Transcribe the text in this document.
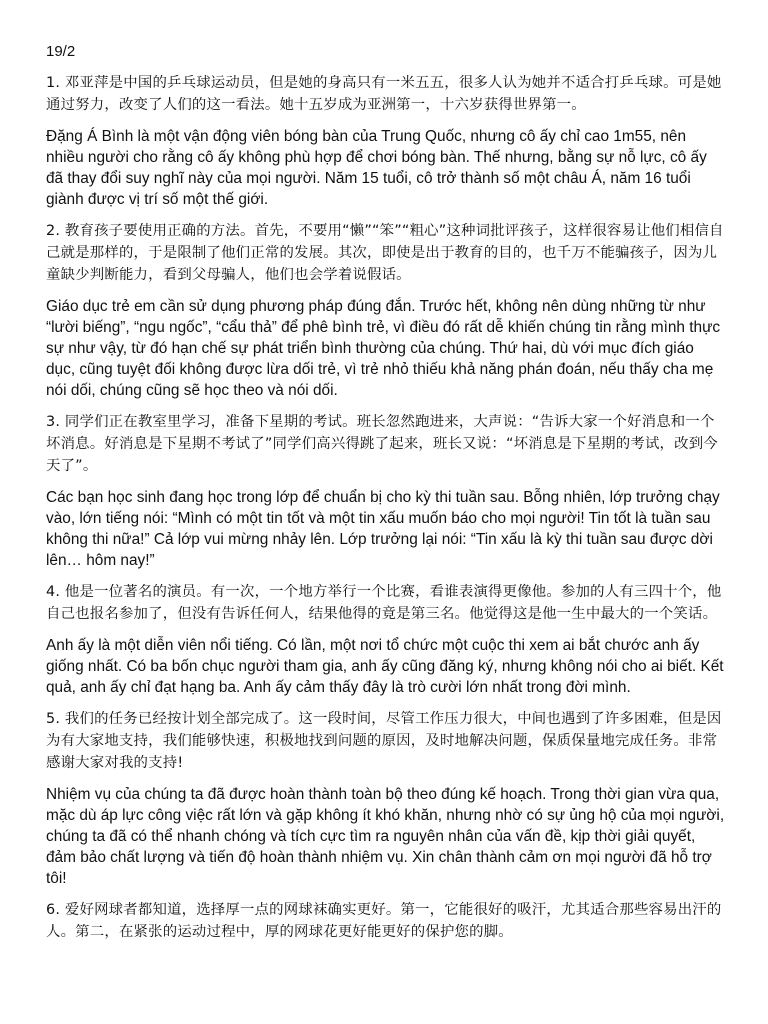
19/2

1. 邓亚萍是中国的乒乓球运动员，但是她的身高只有一米五五，很多人认为她并不适合打乒乓球。可是她通过努力，改变了人们的这一看法。她十五岁成为亚洲第一，十六岁获得世界第一。

Đặng Á Bình là một vận động viên bóng bàn của Trung Quốc, nhưng cô ấy chỉ cao 1m55, nên nhiều người cho rằng cô ấy không phù hợp để chơi bóng bàn. Thế nhưng, bằng sự nỗ lực, cô ấy đã thay đổi suy nghĩ này của mọi người. Năm 15 tuổi, cô trở thành số một châu Á, năm 16 tuổi giành được vị trí số một thế giới.

2. 教育孩子要使用正确的方法。首先，不要用“懒”“笨”“粗心”这种词批评孩子，这样很容易让他们相信自己就是那样的，于是限制了他们正常的发展。其次，即使是出于教育的目的，也千万不能骗孩子，因为儿童缺少判断能力，看到父母骗人，他们也会学着说假话。

Giáo dục trẻ em cần sử dụng phương pháp đúng đắn. Trước hết, không nên dùng những từ như “lười biếng”, “ngu ngốc”, “cẩu thả” để phê bình trẻ, vì điều đó rất dễ khiến chúng tin rằng mình thực sự như vậy, từ đó hạn chế sự phát triển bình thường của chúng. Thứ hai, dù với mục đích giáo dục, cũng tuyệt đối không được lừa dối trẻ, vì trẻ nhỏ thiếu khả năng phán đoán, nếu thấy cha mẹ nói dối, chúng cũng sẽ học theo và nói dối.

3. 同学们正在教室里学习，准备下星期的考试。班长忽然跑进来，大声说：“告诉大家一个好消息和一个坏消息。好消息是下星期不考试了”同学们高兴得跳了起来，班长又说：“坏消息是下星期的考试，改到今天了”。

Các bạn học sinh đang học trong lớp để chuẩn bị cho kỳ thi tuần sau. Bỗng nhiên, lớp trưởng chạy vào, lớn tiếng nói: “Mình có một tin tốt và một tin xấu muốn báo cho mọi người! Tin tốt là tuần sau không thi nữa!” Cả lớp vui mừng nhảy lên. Lớp trưởng lại nói: “Tin xấu là kỳ thi tuần sau được dời lên… hôm nay!”

4. 他是一位著名的演员。有一次，一个地方举行一个比赛，看谁表演得更像他。参加的人有三四十个，他自己也报名参加了，但没有告诉任何人，结果他得的竟是第三名。他觉得这是他一生中最大的一个笑话。

Anh ấy là một diễn viên nổi tiếng. Có lần, một nơi tổ chức một cuộc thi xem ai bắt chước anh ấy giống nhất. Có ba bốn chục người tham gia, anh ấy cũng đăng ký, nhưng không nói cho ai biết. Kết quả, anh ấy chỉ đạt hạng ba. Anh ấy cảm thấy đây là trò cười lớn nhất trong đời mình.

5. 我们的任务已经按计划全部完成了。这一段时间，尽管工作压力很大，中间也遇到了许多困难，但是因为有大家地支持，我们能够快速，积极地找到问题的原因，及时地解决问题，保质保量地完成任务。非常感谢大家对我的支持!

Nhiệm vụ của chúng ta đã được hoàn thành toàn bộ theo đúng kế hoạch. Trong thời gian vừa qua, mặc dù áp lực công việc rất lớn và gặp không ít khó khăn, nhưng nhờ có sự ủng hộ của mọi người, chúng ta đã có thể nhanh chóng và tích cực tìm ra nguyên nhân của vấn đề, kịp thời giải quyết, đảm bảo chất lượng và tiến độ hoàn thành nhiệm vụ. Xin chân thành cảm ơn mọi người đã hỗ trợ tôi!

6. 爱好网球者都知道，选择厚一点的网球袜确实更好。第一，它能很好的吸汗，尤其适合那些容易出汗的人。第二，在紧张的运动过程中，厚的网球花更好能更好的保护您的脚。
